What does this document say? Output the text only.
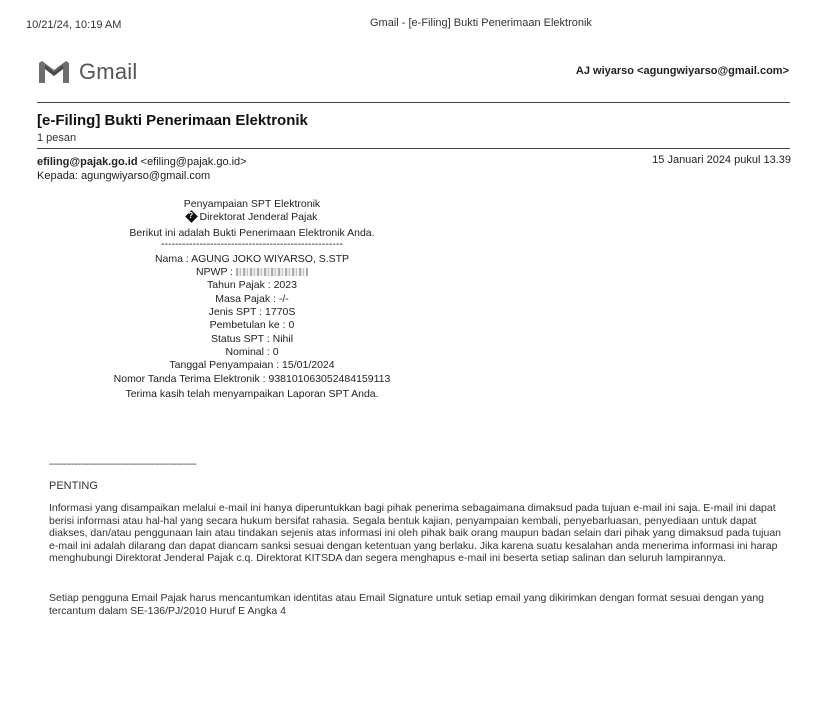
10/21/24, 10:19 AM	Gmail - [e-Filing] Bukti Penerimaan Elektronik
Gmail	AJ wiyarso <agungwiyarso@gmail.com>
[e-Filing] Bukti Penerimaan Elektronik
1 pesan
efiling@pajak.go.id <efiling@pajak.go.id>
Kepada: agungwiyarso@gmail.com
15 Januari 2024 pukul 13.39
Penyampaian SPT Elektronik
?Direktorat Jenderal Pajak
Berikut ini adalah Bukti Penerimaan Elektronik Anda.
----------------------------------------------------
Nama : AGUNG JOKO WIYARSO, S.STP
NPWP :
Tahun Pajak : 2023
Masa Pajak : -/-
Jenis SPT : 1770S
Pembetulan ke : 0
Status SPT : Nihil
Nominal : 0
Tanggal Penyampaian : 15/01/2024
Nomor Tanda Terima Elektronik : 938101063052484159113
Terima kasih telah menyampaikan Laporan SPT Anda.
----------------------------------------------------
PENTING
Informasi yang disampaikan melalui e-mail ini hanya diperuntukkan bagi pihak penerima sebagaimana dimaksud pada tujuan e-mail ini saja. E-mail ini dapat berisi informasi atau hal-hal yang secara hukum bersifat rahasia. Segala bentuk kajian, penyampaian kembali, penyebarluasan, penyediaan untuk dapat diakses, dan/atau penggunaan lain atau tindakan sejenis atas informasi ini oleh pihak baik orang maupun badan selain dari pihak yang dimaksud pada tujuan e-mail ini adalah dilarang dan dapat diancam sanksi sesuai dengan ketentuan yang berlaku. Jika karena suatu kesalahan anda menerima informasi ini harap menghubungi Direktorat Jenderal Pajak c.q. Direktorat KITSDA dan segera menghapus e-mail ini beserta setiap salinan dan seluruh lampirannya.
Setiap pengguna Email Pajak harus mencantumkan identitas atau Email Signature untuk setiap email yang dikirimkan dengan format sesuai dengan yang tercantum dalam SE-136/PJ/2010 Huruf E Angka 4
